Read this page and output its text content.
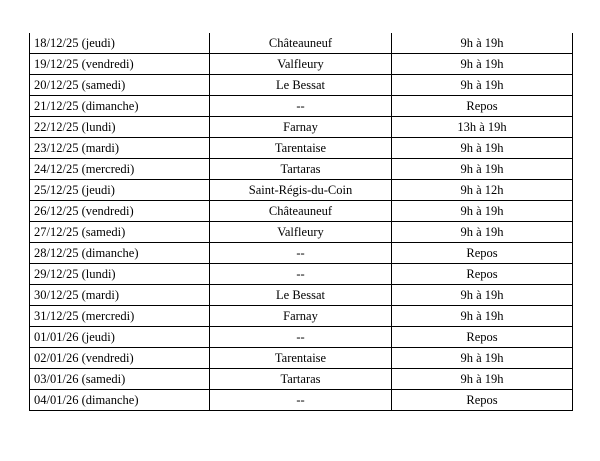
18/12/25 (jeudi)	Châteauneuf	9h à 19h
19/12/25 (vendredi)	Valfleury	9h à 19h
20/12/25 (samedi)	Le Bessat	9h à 19h
21/12/25 (dimanche)	--	Repos
22/12/25 (lundi)	Farnay	13h à 19h
23/12/25 (mardi)	Tarentaise	9h à 19h
24/12/25 (mercredi)	Tartaras	9h à 19h
25/12/25 (jeudi)	Saint-Régis-du-Coin	9h à 12h
26/12/25 (vendredi)	Châteauneuf	9h à 19h
27/12/25 (samedi)	Valfleury	9h à 19h
28/12/25 (dimanche)	--	Repos
29/12/25 (lundi)	--	Repos
30/12/25 (mardi)	Le Bessat	9h à 19h
31/12/25 (mercredi)	Farnay	9h à 19h
01/01/26 (jeudi)	--	Repos
02/01/26 (vendredi)	Tarentaise	9h à 19h
03/01/26 (samedi)	Tartaras	9h à 19h
04/01/26 (dimanche)	--	Repos
